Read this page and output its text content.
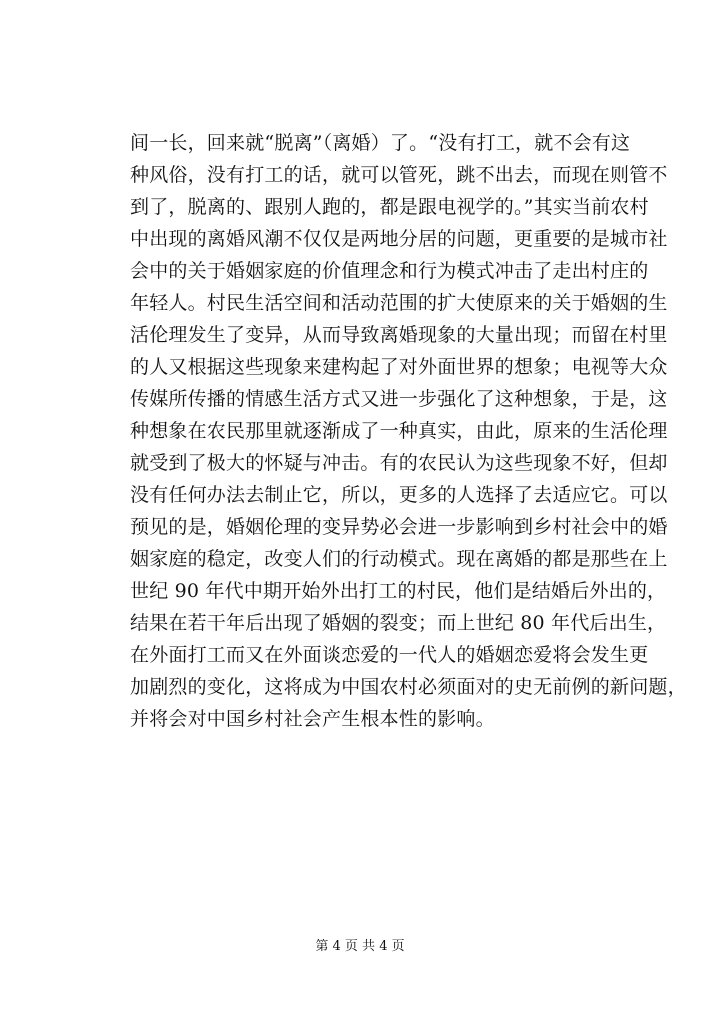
间一长，回来就“脱离”（离婚）了。“没有打工，就不会有这
种风俗，没有打工的话，就可以管死，跳不出去，而现在则管不
到了，脱离的、跟别人跑的，都是跟电视学的。”其实当前农村
中出现的离婚风潮不仅仅是两地分居的问题，更重要的是城市社
会中的关于婚姻家庭的价值理念和行为模式冲击了走出村庄的
年轻人。村民生活空间和活动范围的扩大使原来的关于婚姻的生
活伦理发生了变异，从而导致离婚现象的大量出现；而留在村里
的人又根据这些现象来建构起了对外面世界的想象；电视等大众
传媒所传播的情感生活方式又进一步强化了这种想象，于是，这
种想象在农民那里就逐渐成了一种真实，由此，原来的生活伦理
就受到了极大的怀疑与冲击。有的农民认为这些现象不好，但却
没有任何办法去制止它，所以，更多的人选择了去适应它。可以
预见的是，婚姻伦理的变异势必会进一步影响到乡村社会中的婚
姻家庭的稳定，改变人们的行动模式。现在离婚的都是那些在上
世纪 90 年代中期开始外出打工的村民，他们是结婚后外出的，
结果在若干年后出现了婚姻的裂变；而上世纪 80 年代后出生，
在外面打工而又在外面谈恋爱的一代人的婚姻恋爱将会发生更
加剧烈的变化，这将成为中国农村必须面对的史无前例的新问题，
并将会对中国乡村社会产生根本性的影响。
第 4 页 共 4 页
